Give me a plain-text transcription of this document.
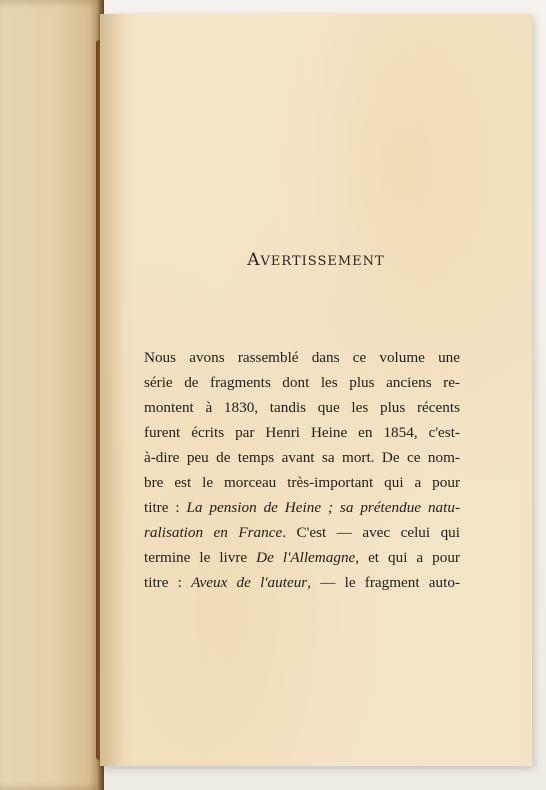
AVERTISSEMENT
Nous avons rassemblé dans ce volume une
série de fragments dont les plus anciens re-
montent à 1830, tandis que les plus récents
furent écrits par Henri Heine en 1854, c'est-
à-dire peu de temps avant sa mort. De ce nom-
bre est le morceau très-important qui a pour
titre : La pension de Heine ; sa prétendue natu-
ralisation en France. C'est — avec celui qui
termine le livre De l'Allemagne, et qui a pour
titre : Aveux de l'auteur, — le fragment auto-
